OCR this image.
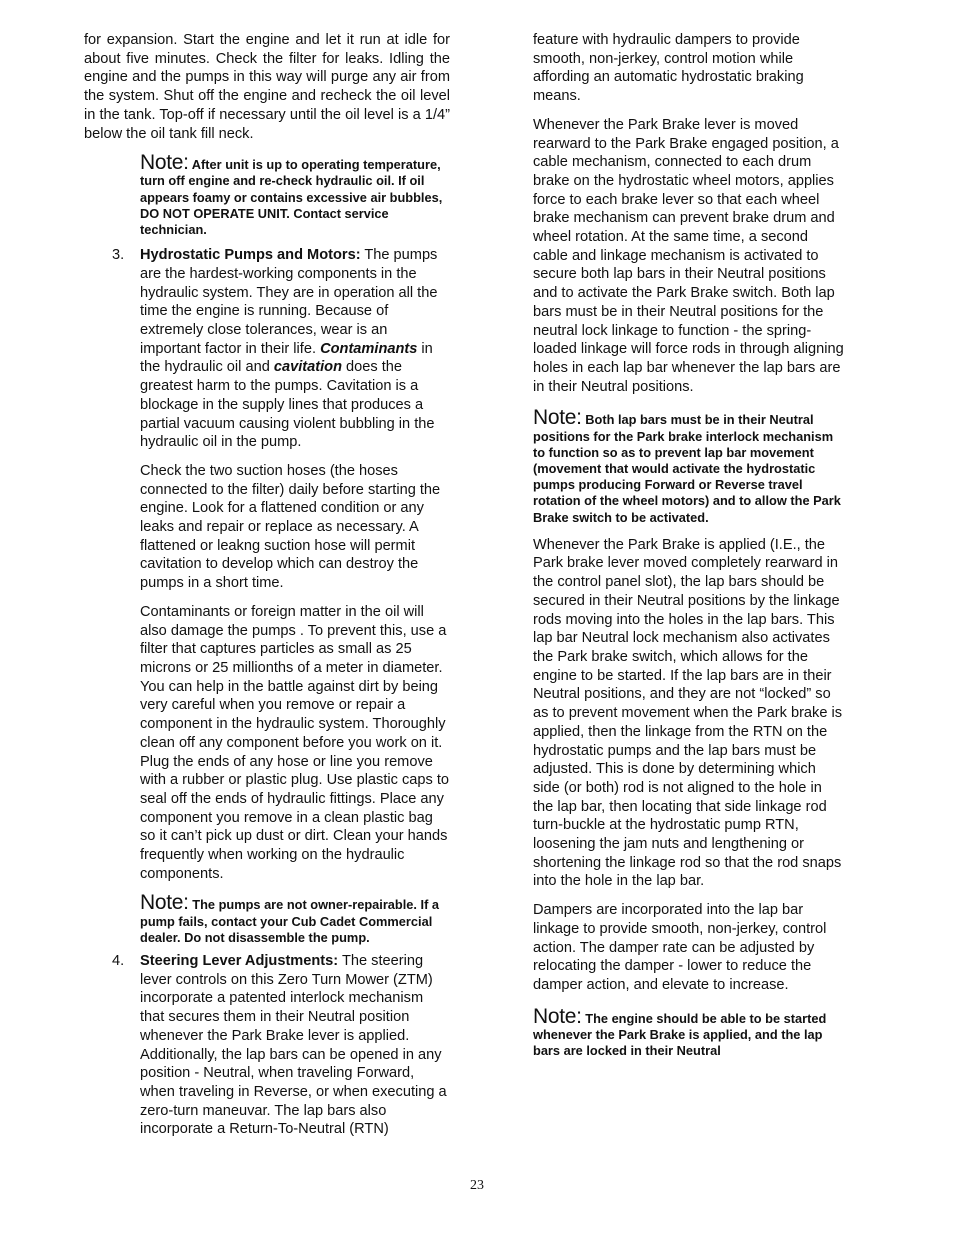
for expansion. Start the engine and let it run at idle for about five minutes. Check the filter for leaks. Idling the engine and the pumps in this way will purge any air from the system. Shut off the engine and recheck the oil level in the tank. Top-off if necessary until the oil level is a 1/4” below the oil tank fill neck.

Note: After unit is up to operating temperature, turn off engine and re-check hydraulic oil. If oil appears foamy or contains excessive air bubbles, DO NOT OPERATE UNIT. Contact service technician.

3. Hydrostatic Pumps and Motors: The pumps are the hardest-working components in the hydraulic system. They are in operation all the time the engine is running. Because of extremely close tolerances, wear is an important factor in their life. Contaminants in the hydraulic oil and cavitation does the greatest harm to the pumps. Cavitation is a blockage in the supply lines that produces a partial vacuum causing violent bubbling in the hydraulic oil in the pump.

Check the two suction hoses (the hoses connected to the filter) daily before starting the engine. Look for a flattened condition or any leaks and repair or replace as necessary. A flattened or leakng suction hose will permit cavitation to develop which can destroy the pumps in a short time.

Contaminants or foreign matter in the oil will also damage the pumps . To prevent this, use a filter that captures particles as small as 25 microns or 25 millionths of a meter in diameter. You can help in the battle against dirt by being very careful when you remove or repair a component in the hydraulic system. Thoroughly clean off any component before you work on it. Plug the ends of any hose or line you remove with a rubber or plastic plug. Use plastic caps to seal off the ends of hydraulic fittings. Place any component you remove in a clean plastic bag so it can’t pick up dust or dirt. Clean your hands frequently when working on the hydraulic components.

Note: The pumps are not owner-repairable. If a pump fails, contact your Cub Cadet Commercial dealer. Do not disassemble the pump.

4. Steering Lever Adjustments: The steering lever controls on this Zero Turn Mower (ZTM) incorporate a patented interlock mechanism that secures them in their Neutral position whenever the Park Brake lever is applied. Additionally, the lap bars can be opened in any position - Neutral, when traveling Forward, when traveling in Reverse, or when executing a zero-turn maneuvar. The lap bars also incorporate a Return-To-Neutral (RTN)

feature with hydraulic dampers to provide smooth, non-jerkey, control motion while affording an automatic hydrostatic braking means.

Whenever the Park Brake lever is moved rearward to the Park Brake engaged position, a cable mechanism, connected to each drum brake on the hydrostatic wheel motors, applies force to each brake lever so that each wheel brake mechanism can prevent brake drum and wheel rotation. At the same time, a second cable and linkage mechanism is activated to secure both lap bars in their Neutral positions and to activate the Park Brake switch. Both lap bars must be in their Neutral positions for the neutral lock linkage to function - the spring-loaded linkage will force rods in through aligning holes in each lap bar whenever the lap bars are in their Neutral positions.

Note: Both lap bars must be in their Neutral positions for the Park brake interlock mechanism to function so as to prevent lap bar movement (movement that would activate the hydrostatic pumps producing Forward or Reverse travel rotation of the wheel motors) and to allow the Park Brake switch to be activated.

Whenever the Park Brake is applied (I.E., the Park brake lever moved completely rearward in the control panel slot), the lap bars should be secured in their Neutral positions by the linkage rods moving into the holes in the lap bars. This lap bar Neutral lock mechanism also activates the Park brake switch, which allows for the engine to be started. If the lap bars are in their Neutral positions, and they are not “locked” so as to prevent movement when the Park brake is applied, then the linkage from the RTN on the hydrostatic pumps and the lap bars must be adjusted. This is done by determining which side (or both) rod is not aligned to the hole in the lap bar, then locating that side linkage rod turn-buckle at the hydrostatic pump RTN, loosening the jam nuts and lengthening or shortening the linkage rod so that the rod snaps into the hole in the lap bar.

Dampers are incorporated into the lap bar linkage to provide smooth, non-jerkey, control action. The damper rate can be adjusted by relocating the damper - lower to reduce the damper action, and elevate to increase.

Note: The engine should be able to be started whenever the Park Brake is applied, and the lap bars are locked in their Neutral

23
